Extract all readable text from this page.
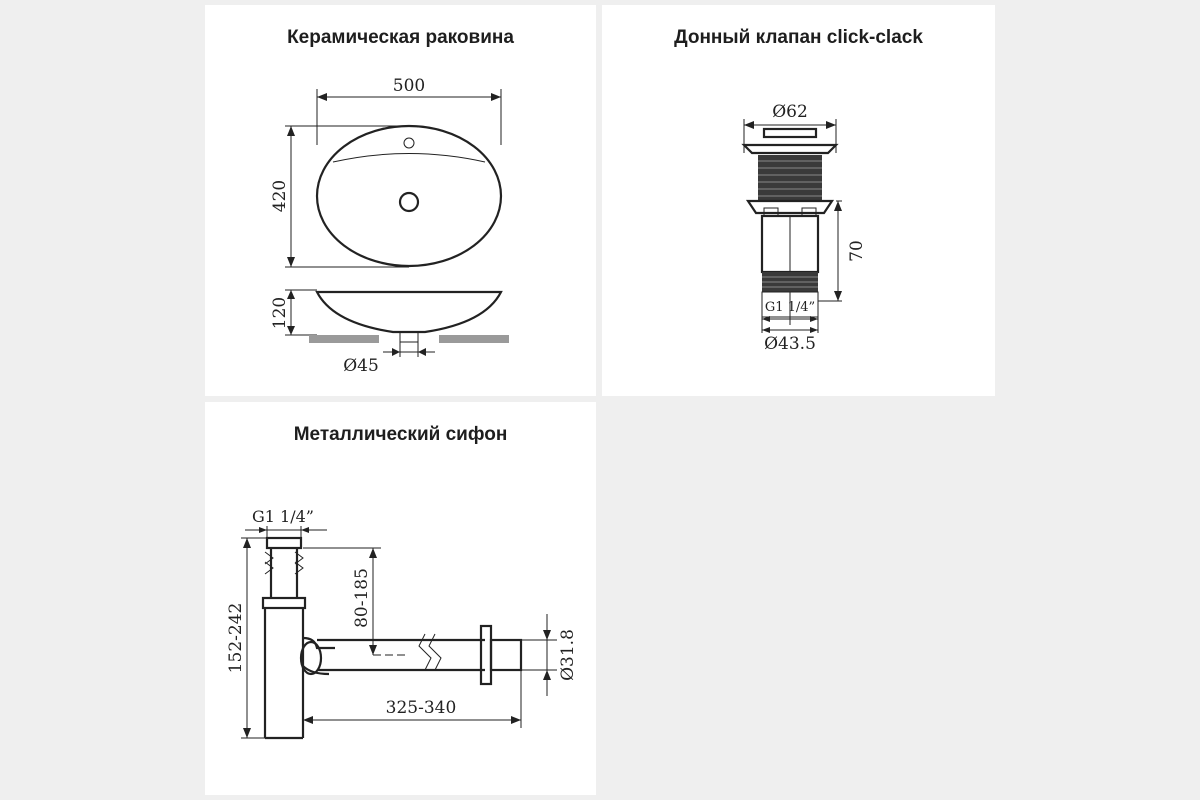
Керамическая раковина
500
420
120
Ø45
Донный клапан click-clack
Ø62
G1 1/4”
Ø43.5
70
Металлический сифон
G1 1/4”
80-185
152-242
325-340
Ø31.8
